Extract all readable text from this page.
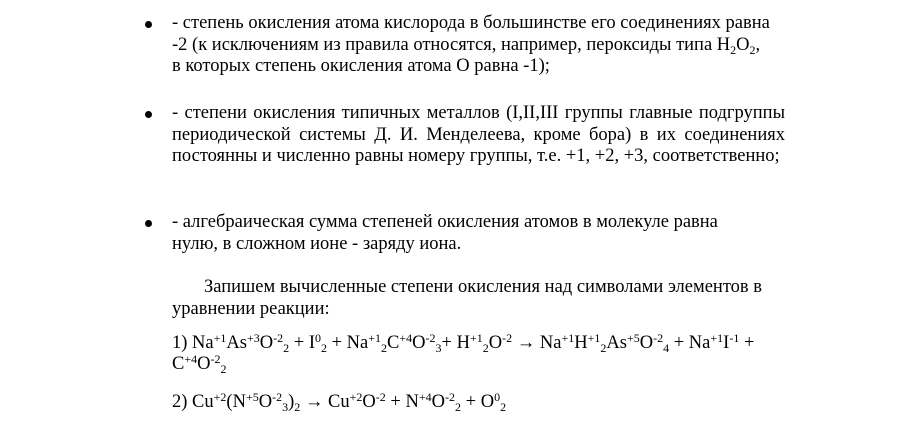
- степень окисления атома кислорода в большинстве его соединениях равна
-2 (к исключениям из правила относятся, например, пероксиды типа $H_2O_2$,
в которых степень окисления атома О равна -1);
- степени окисления типичных металлов (I,II,III группы главные подгруппы периодической системы Д. И. Менделеева, кроме бора) в их соединениях постоянны и численно равны номеру группы, т.е. +1, +2, +3, соответственно;
- алгебраическая сумма степеней окисления атомов в молекуле равна нулю, в сложном ионе - заряду иона.
Запишем вычисленные степени окисления над символами элементов в уравнении реакции:
1) $Na^{+1}As^{+3}O^{-2}_2 + I^0_2 + Na^{+1}_2C^{+4}O^{-2}_3+ H^{+1}_2O^{-2} \to Na^{+1}H^{+1}_2As^{+5}O^{-2}_4 + Na^{+1}I^{-1}$ +
$C^{+4}O^{-2}_2$
2) $Cu^{+2}(N^{+5}O^{-2}_3)_2 \to Cu^{+2}O^{-2} + N^{+4}O^{-2}_2 + O^0_2$
